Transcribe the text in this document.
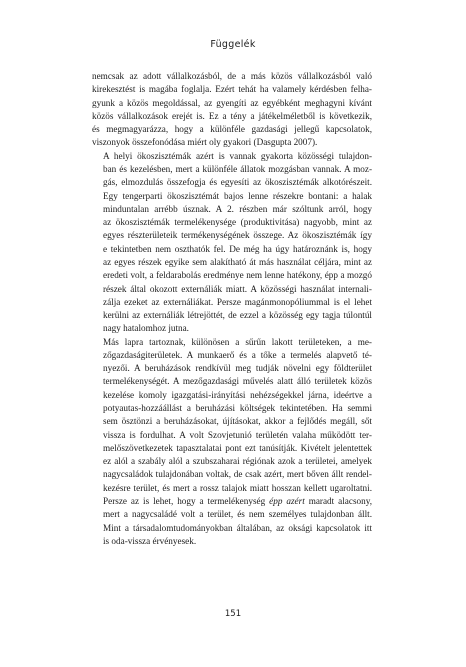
Függelék

nemcsak az adott vállalkozásból, de a más közös vállalkozásból való
kirekesztést is magába foglalja. Ezért tehát ha valamely kérdésben felha-
gyunk a közös megoldással, az gyengíti az egyébként meghagyni kívánt
közös vállalkozások erejét is. Ez a tény a játékelméletből is következik,
és megmagyarázza, hogy a különféle gazdasági jellegű kapcsolatok,
viszonyok összefonódása miért oly gyakori (Dasgupta 2007).

A helyi ökoszisztémák azért is vannak gyakorta közösségi tulajdon-
ban és kezelésben, mert a különféle állatok mozgásban vannak. A moz-
gás, elmozdulás összefogja és egyesíti az ökoszisztémák alkotórészeit.
Egy tengerparti ökoszisztémát bajos lenne részekre bontani: a halak
minduntalan arrébb úsznak. A 2. részben már szóltunk arról, hogy
az ökoszisztémák termelékenysége (produktivitása) nagyobb, mint az
egyes részterületeik termékenységének összege. Az ökoszisztémák így
e tekintetben nem oszthatók fel. De még ha úgy határoznánk is, hogy
az egyes részek egyike sem alakítható át más használat céljára, mint az
eredeti volt, a feldarabolás eredménye nem lenne hatékony, épp a mozgó
részek által okozott externáliák miatt. A közösségi használat internali-
zálja ezeket az externáliákat. Persze magánmonopóliummal is el lehet
kerülni az externáliák létrejöttét, de ezzel a közösség egy tagja túlontúl
nagy hatalomhoz jutna.

Más lapra tartoznak, különösen a sűrűn lakott területeken, a me-
zőgazdaságiterületek. A munkaerő és a tőke a termelés alapvető té-
nyezői. A beruházások rendkívül meg tudják növelni egy földterület
termelékenységét. A mezőgazdasági művelés alatt álló területek közös
kezelése komoly igazgatási-irányítási nehézségekkel járna, ideértve a
potyautas-hozzáállást a beruházási költségek tekintetében. Ha semmi
sem ösztönzi a beruházásokat, újításokat, akkor a fejlődés megáll, sőt
vissza is fordulhat. A volt Szovjetunió területén valaha működött ter-
melőszövetkezetek tapasztalatai pont ezt tanúsítják. Kivételt jelentettek
ez alól a szabály alól a szubszaharai régiónak azok a területei, amelyek
nagycsaládok tulajdonában voltak, de csak azért, mert bőven állt rendel-
kezésre terület, és mert a rossz talajok miatt hosszan kellett ugaroltatni.
Persze az is lehet, hogy a termelékenység épp azért maradt alacsony,
mert a nagycsaládé volt a terület, és nem személyes tulajdonban állt.
Mint a társadalomtudományokban általában, az oksági kapcsolatok itt
is oda-vissza érvényesek.

151
